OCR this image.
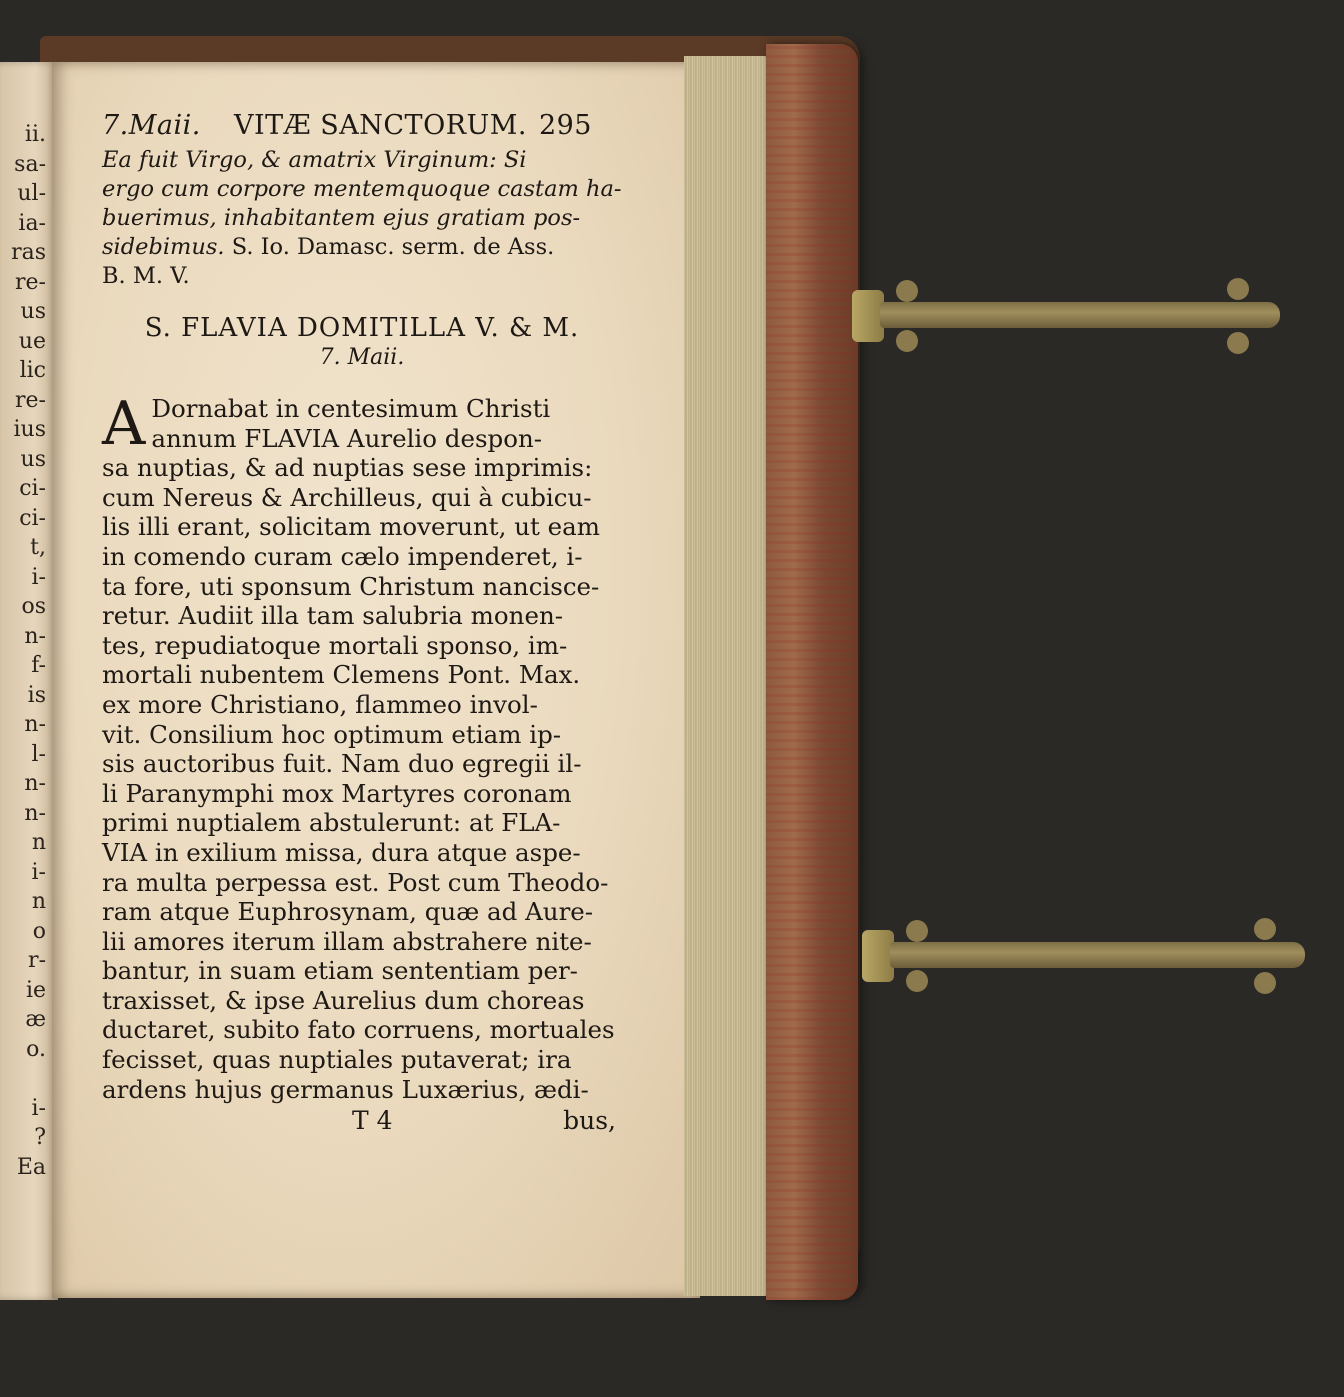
ii.
sa-
ul-
ia-
ras
re-
us
ue
lic
re-
ius
us
ci-
ci-
t,
i-
os
n-
f-
is
n-
l-
n-
n-
n
i-
n
o
r-
ie
æ
o.
i-
?
Ea
7.Maii. VITÆ SANCTORUM. 295
Ea fuit Virgo, & amatrix Virginum: Si
ergo cum corpore mentemquoque castam ha-
buerimus, inhabitantem ejus gratiam pos-
sidebimus. S. Io. Damasc. serm. de Ass.
B. M. V.
S. FLAVIA DOMITILLA V. & M.
7. Maii.
A Dornabat in centesimum Christi
annum FLAVIA Aurelio despon-
sa nuptias, & ad nuptias sese imprimis:
cum Nereus & Archilleus, qui à cubicu-
lis illi erant, solicitam moverunt, ut eam
in comendo curam cælo impenderet, i-
ta fore, uti sponsum Christum nancisce-
retur. Audiit illa tam salubria monen-
tes, repudiatoque mortali sponso, im-
mortali nubentem Clemens Pont. Max.
ex more Christiano, flammeo invol-
vit. Consilium hoc optimum etiam ip-
sis auctoribus fuit. Nam duo egregii il-
li Paranymphi mox Martyres coronam
primi nuptialem abstulerunt: at FLA-
VIA in exilium missa, dura atque aspe-
ra multa perpessa est. Post cum Theodo-
ram atque Euphrosynam, quæ ad Aure-
lii amores iterum illam abstrahere nite-
bantur, in suam etiam sententiam per-
traxisset, & ipse Aurelius dum choreas
ductaret, subito fato corruens, mortuales
fecisset, quas nuptiales putaverat; ira
ardens hujus germanus Luxærius, ædi-
T 4	bus,
